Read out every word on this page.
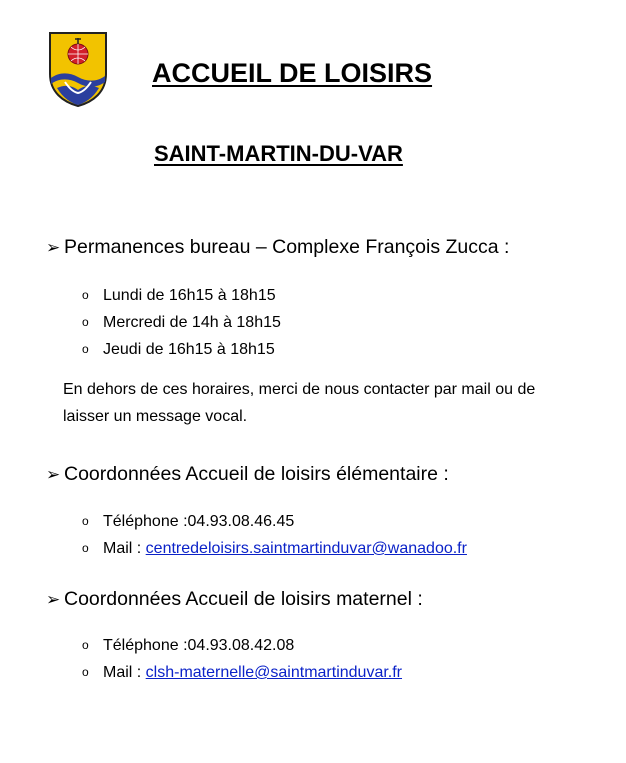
ACCUEIL DE LOISIRS
SAINT-MARTIN-DU-VAR

➢ Permanences bureau – Complexe François Zucca :

o Lundi de 16h15 à 18h15
o Mercredi de 14h à 18h15
o Jeudi de 16h15 à 18h15

En dehors de ces horaires, merci de nous contacter par mail ou de laisser un message vocal.

➢ Coordonnées Accueil de loisirs élémentaire :

o Téléphone : 04.93.08.46.45
o Mail : centredeloisirs.saintmartinduvar@wanadoo.fr

➢ Coordonnées Accueil de loisirs maternel :

o Téléphone : 04.93.08.42.08
o Mail : clsh-maternelle@saintmartinduvar.fr
